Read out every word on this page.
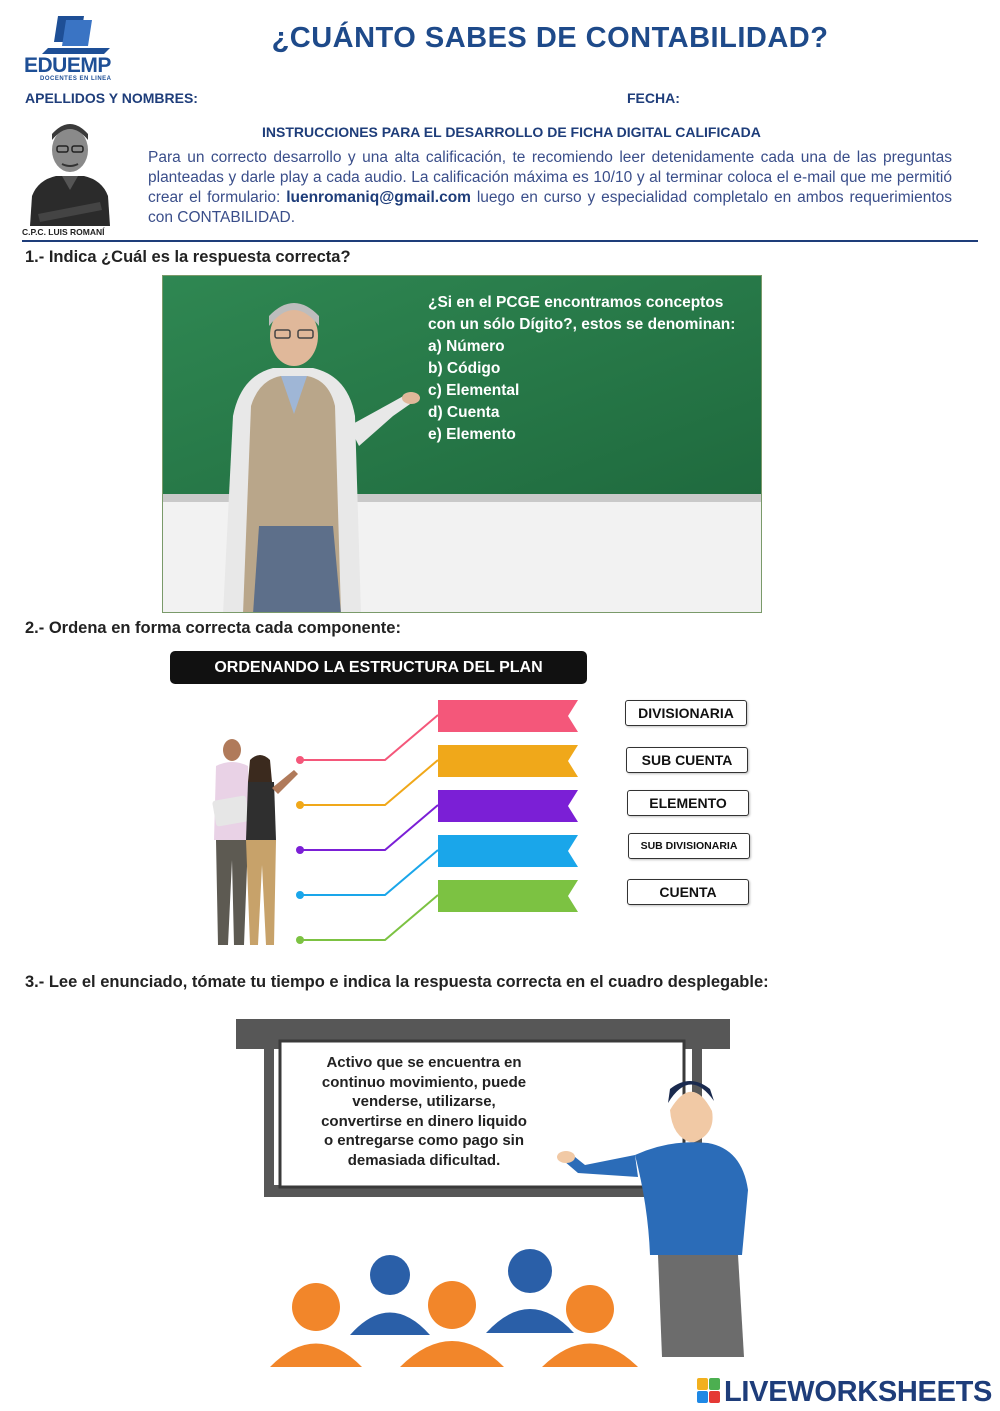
EDUEMP
DOCENTES EN LINEA
¿CUÁNTO SABES DE CONTABILIDAD?
APELLIDOS Y NOMBRES:	FECHA:
C.P.C. LUIS ROMANÍ
INSTRUCCIONES PARA EL DESARROLLO DE FICHA DIGITAL CALIFICADA
Para un correcto desarrollo y una alta calificación, te recomiendo leer detenidamente cada una de las preguntas planteadas y darle play a cada audio. La calificación máxima es 10/10 y al terminar coloca el e-mail que me permitió crear el formulario: luenromaniq@gmail.com luego en curso y especialidad completalo en ambos requerimientos con CONTABILIDAD.
1.- Indica ¿Cuál es la respuesta correcta?
¿Si en el PCGE encontramos conceptos
con un sólo Dígito?, estos se denominan:
a) Número
b) Código
c) Elemental
d) Cuenta
e) Elemento
2.- Ordena en forma correcta cada componente:
ORDENANDO LA ESTRUCTURA DEL PLAN CONTABLE
DIVISIONARIA
SUB CUENTA
ELEMENTO
SUB DIVISIONARIA
CUENTA
3.- Lee el enunciado, tómate tu tiempo e indica la respuesta correcta en el cuadro desplegable:
Activo que se encuentra en
continuo movimiento, puede
venderse, utilizarse,
convertirse en dinero liquido
o entregarse como pago sin
demasiada dificultad.
LIVEWORKSHEETS
